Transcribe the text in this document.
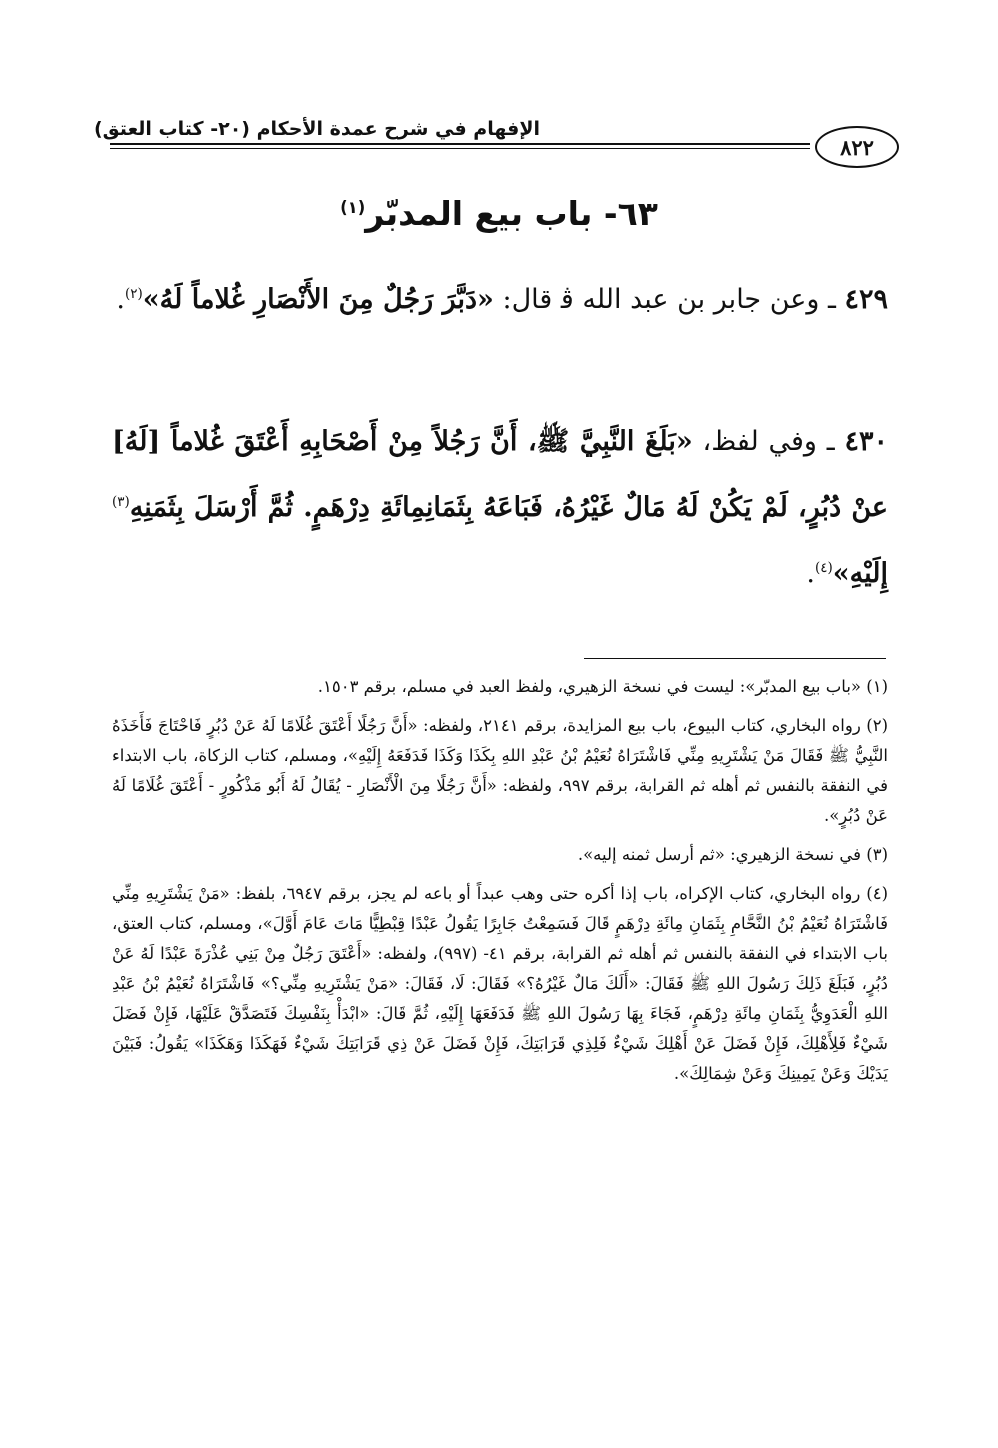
الإفهام في شرح عمدة الأحكام (٢٠- كتاب العتق)
٨٢٢
٦٣- باب بيع المدبّر$^{(١)}$
٤٢٩ ـ وعن جابر بن عبد الله ﭬ قال: «دَبَّرَ رَجُلٌ مِنَ الأَنْصَارِ غُلاماً لَهُ»$^{(٢)}$.
٤٣٠ ـ وفي لفظ، «بَلَغَ النَّبِيَّ ﷺ، أَنَّ رَجُلاً مِنْ أَصْحَابِهِ أَعْتَقَ غُلاماً [لَهُ] عنْ دُبُرٍ، لَمْ يَكُنْ لَهُ مَالٌ غَيْرُهُ، فَبَاعَهُ بِثَمَانِمِائَةِ دِرْهَمٍ. ثُمَّ أَرْسَلَ بِثَمَنِهِ$^{(٣)}$ إِلَيْهِ»$^{(٤)}$.
(١) «باب بيع المدبّر»: ليست في نسخة الزهيري، ولفظ العبد في مسلم، برقم ١٥٠٣.
(٢) رواه البخاري، كتاب البيوع، باب بيع المزايدة، برقم ٢١٤١، ولفظه: «أَنَّ رَجُلًا أَعْتَقَ غُلَامًا لَهُ عَنْ دُبُرٍ فَاحْتَاجَ فَأَخَذَهُ النَّبِيُّ ﷺ فَقَالَ مَنْ يَشْتَرِيهِ مِنِّي فَاشْتَرَاهُ نُعَيْمُ بْنُ عَبْدِ اللهِ بِكَذَا وَكَذَا فَدَفَعَهُ إِلَيْهِ»، ومسلم، كتاب الزكاة، باب الابتداء في النفقة بالنفس ثم أهله ثم القرابة، برقم ٩٩٧، ولفظه: «أَنَّ رَجُلًا مِنَ الْأَنْصَارِ - يُقَالُ لَهُ أَبُو مَذْكُورٍ - أَعْتَقَ غُلَامًا لَهُ عَنْ دُبُرٍ».
(٣) في نسخة الزهيري: «ثم أرسل ثمنه إليه».
(٤) رواه البخاري، كتاب الإكراه، باب إذا أكره حتى وهب عبداً أو باعه لم يجز، برقم ٦٩٤٧، بلفظ: «مَنْ يَشْتَرِيهِ مِنِّي فَاشْتَرَاهُ نُعَيْمُ بْنُ النَّحَّامِ بِثَمَانِ مِائَةِ دِرْهَمٍ قَالَ فَسَمِعْتُ جَابِرًا يَقُولُ عَبْدًا قِبْطِيًّا مَاتَ عَامَ أَوَّلَ»، ومسلم، كتاب العتق، باب الابتداء في النفقة بالنفس ثم أهله ثم القرابة، برقم ٤١- (٩٩٧)، ولفظه: «أَعْتَقَ رَجُلٌ مِنْ بَنِي عُذْرَةَ عَبْدًا لَهُ عَنْ دُبُرٍ، فَبَلَغَ ذَلِكَ رَسُولَ اللهِ ﷺ فَقَالَ: «أَلَكَ مَالٌ غَيْرُهُ؟» فَقَالَ: لَا، فَقَالَ: «مَنْ يَشْتَرِيهِ مِنِّي؟» فَاشْتَرَاهُ نُعَيْمُ بْنُ عَبْدِ اللهِ الْعَدَوِيُّ بِثَمَانِ مِائَةِ دِرْهَمٍ، فَجَاءَ بِهَا رَسُولَ اللهِ ﷺ فَدَفَعَهَا إِلَيْهِ، ثُمَّ قَالَ: «ابْدَأْ بِنَفْسِكَ فَتَصَدَّقْ عَلَيْهَا، فَإِنْ فَضَلَ شَيْءٌ فَلِأَهْلِكَ، فَإِنْ فَضَلَ عَنْ أَهْلِكَ شَيْءٌ فَلِذِي قَرَابَتِكَ، فَإِنْ فَضَلَ عَنْ ذِي قَرَابَتِكَ شَيْءٌ فَهَكَذَا وَهَكَذَا» يَقُولُ: فَبَيْنَ يَدَيْكَ وَعَنْ يَمِينِكَ وَعَنْ شِمَالِكَ».
